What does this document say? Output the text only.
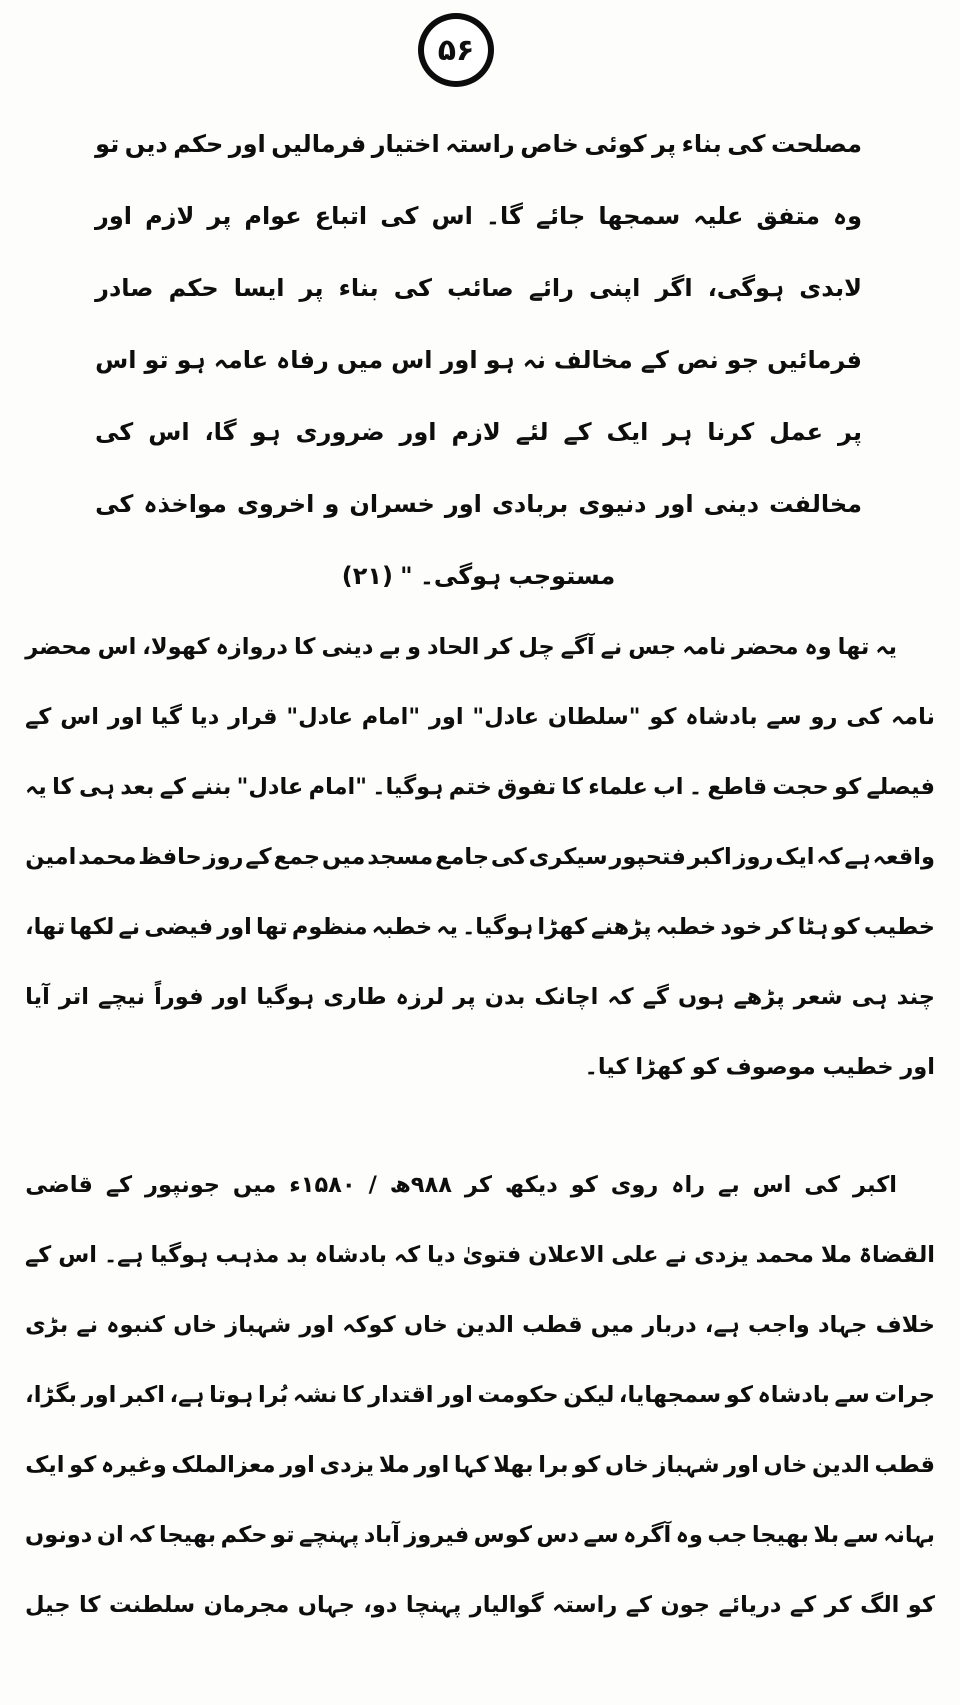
۵۶
مصلحت
کی
بناء
پر
کوئی
خاص
راستہ
اختیار
فرمالیں
اور
حکم
دیں
تو
وہ
متفق
علیہ
سمجھا
جائے
گا۔
اس
کی
اتباع
عوام
پر
لازم
اور
لابدی
ہوگی،
اگر
اپنی
رائے
صائب
کی
بناء
پر
ایسا
حکم
صادر
فرمائیں
جو
نص
کے
مخالف
نہ
ہو
اور
اس
میں
رفاہ
عامہ
ہو
تو
اس
پر
عمل
کرنا
ہر
ایک
کے
لئے
لازم
اور
ضروری
ہو
گا،
اس
کی
مخالفت
دینی
اور
دنیوی
بربادی
اور
خسران
و
اخروی
مواخذہ
کی
مستوجب
ہوگی۔
"
(۲۱)
یہ
تھا
وہ
محضر
نامہ
جس
نے
آگے
چل
کر
الحاد
و
بے
دینی
کا
دروازہ
کھولا،
اس
محضر
نامہ
کی
رو
سے
بادشاہ
کو
"سلطان
عادل"
اور
"امام
عادل"
قرار
دیا
گیا
اور
اس
کے
فیصلے
کو
حجت
قاطع
۔
اب
علماء
کا
تفوق
ختم
ہوگیا۔
"امام
عادل"
بننے
کے
بعد
ہی
کا
یہ
واقعہ
ہے
کہ
ایک
روز
اکبر
فتحپور
سیکری
کی
جامع
مسجد
میں
جمع
کے
روز
حافظ
محمد
امین
خطیب
کو
ہٹا
کر
خود
خطبہ
پڑھنے
کھڑا
ہوگیا۔
یہ
خطبہ
منظوم
تھا
اور
فیضی
نے
لکھا
تھا،
چند
ہی
شعر
پڑھے
ہوں
گے
کہ
اچانک
بدن
پر
لرزہ
طاری
ہوگیا
اور
فوراً
نیچے
اتر
آیا
اور
خطیب
موصوف
کو
کھڑا
کیا۔
اکبر
کی
اس
بے
راہ
روی
کو
دیکھ
کر
۹۸۸ھ
/
۱۵۸۰ء
میں
جونپور
کے
قاضی
القضاۃ
ملا
محمد
یزدی
نے
علی
الاعلان
فتویٰ
دیا
کہ
بادشاہ
بد
مذہب
ہوگیا
ہے۔
اس
کے
خلاف
جہاد
واجب
ہے،
دربار
میں
قطب
الدین
خاں
کوکہ
اور
شہباز
خاں
کنبوہ
نے
بڑی
جرات
سے
بادشاہ
کو
سمجھایا،
لیکن
حکومت
اور
اقتدار
کا
نشہ
بُرا
ہوتا
ہے،
اکبر
اور
بگڑا،
قطب
الدین
خاں
اور
شہباز
خاں
کو
برا
بھلا
کہا
اور
ملا
یزدی
اور
معزالملک
وغیرہ
کو
ایک
بہانہ
سے
بلا
بھیجا
جب
وہ
آگرہ
سے
دس
کوس
فیروز
آباد
پہنچے
تو
حکم
بھیجا
کہ
ان
دونوں
کو
الگ
کر
کے
دریائے
جون
کے
راستہ
گوالیار
پہنچا
دو،
جہاں
مجرمان
سلطنت
کا
جیل
